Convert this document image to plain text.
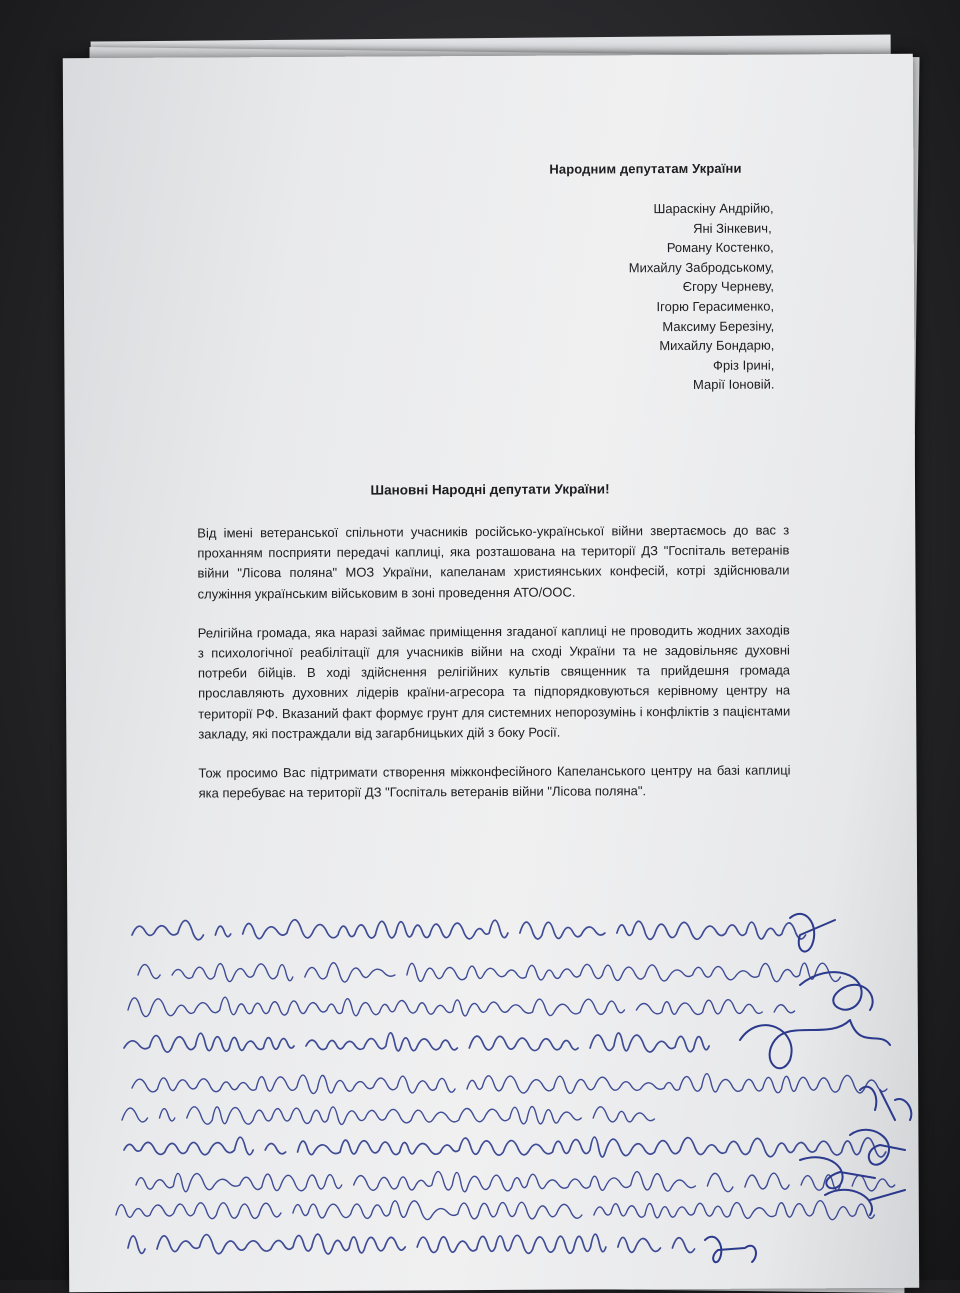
Народним депутатам України
Шараскіну Андрійю,
Яні Зінкевич,
Роману Костенко,
Михайлу Забродському,
Єгору Черневу,
Ігорю Герасименко,
Максиму Березіну,
Михайлу Бондарю,
Фріз Ірині,
Марії Іоновій.
Шановні Народні депутати України!

Від імені ветеранської спільноти учасників російсько-української війни звертаємось до вас з проханням посприяти передачі каплиці, яка розташована на території ДЗ "Госпіталь ветеранів війни "Лісова поляна" МОЗ України, капеланам християнських конфесій, котрі здійснювали служіння українським військовим в зоні проведення АТО/ООС.

Релігійна громада, яка наразі займає приміщення згаданої каплиці не проводить жодних заходів з психологічної реабілітації для учасників війни на сході України та не задовільняє духовні потреби бійців. В ході здійснення релігійних культів священник та прийдешня громада прославляють духовних лідерів країни-агресора та підпорядковуються керівному центру на території РФ. Вказаний факт формує грунт для системних непорозумінь і конфліктів з пацієнтами закладу, які постраждали від загарбницьких дій з боку Росії.

Тож просимо Вас підтримати створення міжконфесійного Капеланського центру на базі каплиці яка перебуває на території ДЗ "Госпіталь ветеранів війни "Лісова поляна".
